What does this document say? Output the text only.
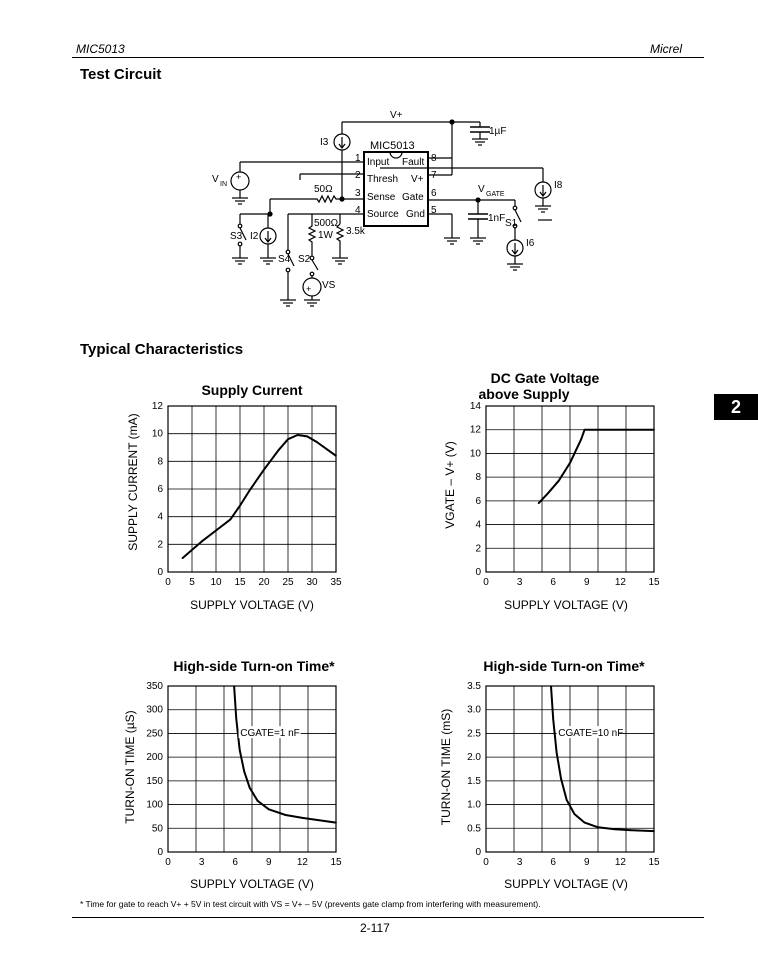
MIC5013	Micrel
Test Circuit
Typical Characteristics
2
MIC5013
1 Input
2 Thresh
3 Sense
4 Source
8
Fault
7
V+
6
Gate
5
Gnd
V+
1µF
I3
V IN	50Ω
500Ω
1W 3.5k
S3 I2
S4 S2
VS
V GATE
I8
1nF S1
I6
+
+
Supply Current
SUPPLY CURRENT (mA)
SUPPLY VOLTAGE (V)
0 5 10 15 20 25 30 35
0
2
4
6
8
10
12
DC Gate Voltage
above Supply
VGATE – V+ (V)
SUPPLY VOLTAGE (V)
0	3	6	9	12 15
0
2
4
6
8
10
12
14
High-side Turn-on Time*
TURN-ON TIME (µS)
SUPPLY VOLTAGE (V)
0	3	6	9	12 15
0
50
100
150
200
250
300
350
CGATE=1 nF
High-side Turn-on Time*
TURN-ON TIME (mS)
SUPPLY VOLTAGE (V)
0	3	6	9	12 15
0
0.5
1.0
1.5
2.0
2.5
3.0
3.5
CGATE=10 nF
* Time for gate to reach V+ + 5V in test circuit with VS = V+ – 5V (prevents gate clamp from interfering with measurement).
2-117
